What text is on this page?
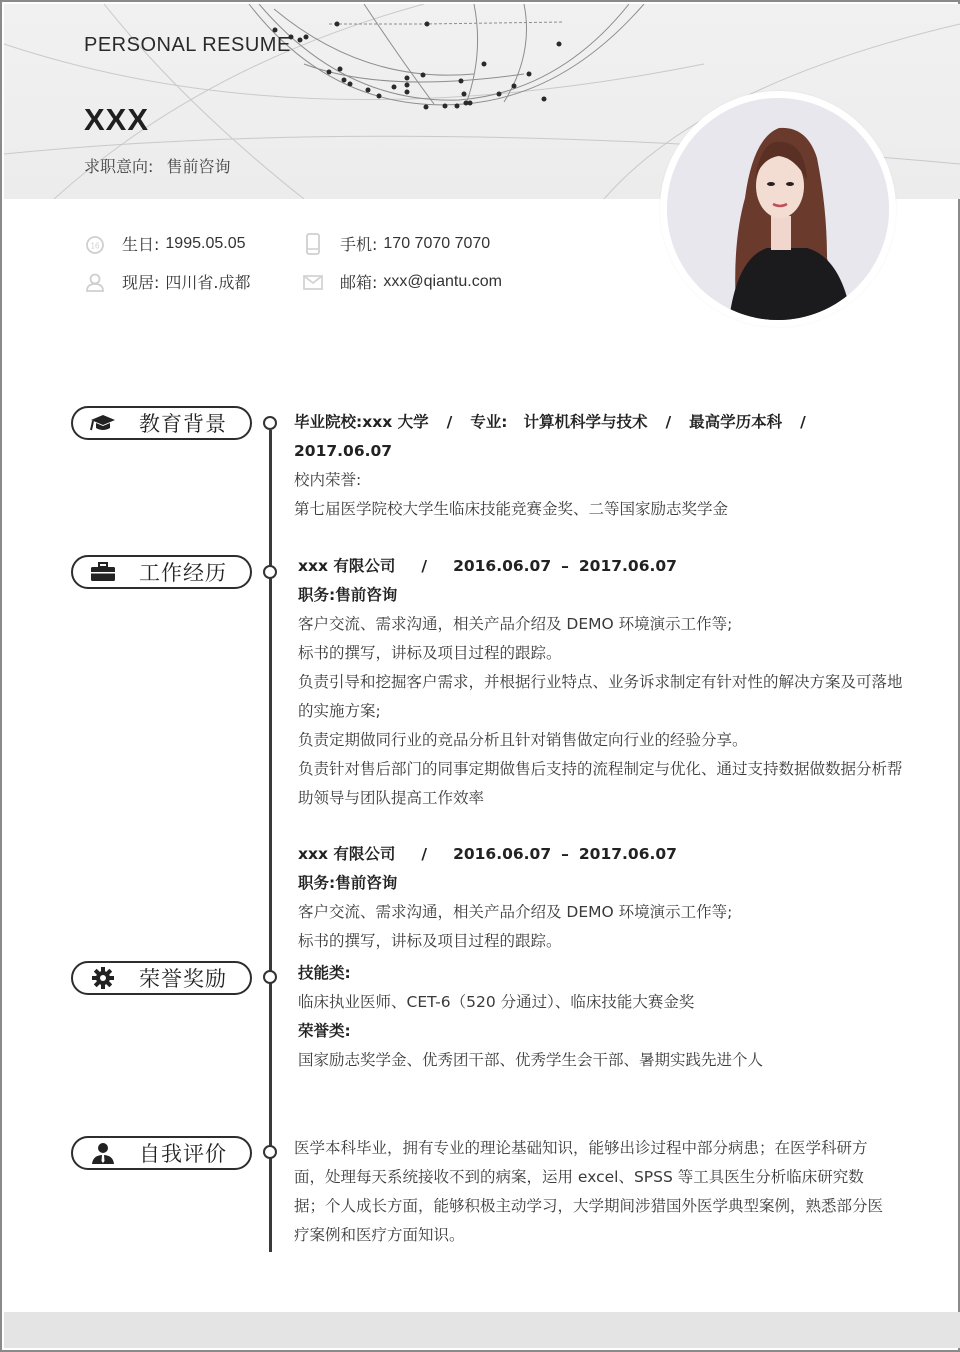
PERSONAL RESUME
XXX
求职意向: 售前咨询
16 生日: 1995.05.05	手机: 170 7070 7070
现居: 四川省.成都	邮箱: xxx@qiantu.com
教育背景	毕业院校:xxx 大学 / 专业: 计算机科学与技术 / 最高学历本科 /
2017.06.07
校内荣誉:
第七届医学院校大学生临床技能竞赛金奖、二等国家励志奖学金
工作经历	xxx 有限公司 / 2016.06.07 – 2017.06.07
职务:售前咨询
客户交流、需求沟通，相关产品介绍及 DEMO 环境演示工作等;
标书的撰写，讲标及项目过程的跟踪。
负责引导和挖掘客户需求，并根据行业特点、业务诉求制定有针对性的解决方案及可落地的实施方案;
负责定期做同行业的竞品分析且针对销售做定向行业的经验分享。
负责针对售后部门的同事定期做售后支持的流程制定与优化、通过支持数据做数据分析帮助领导与团队提高工作效率
xxx 有限公司 / 2016.06.07 – 2017.06.07
职务:售前咨询
客户交流、需求沟通，相关产品介绍及 DEMO 环境演示工作等;
标书的撰写，讲标及项目过程的跟踪。
荣誉奖励	技能类:
临床执业医师、CET-6（520 分通过）、临床技能大赛金奖
荣誉类:
国家励志奖学金、优秀团干部、优秀学生会干部、暑期实践先进个人
自我评价	医学本科毕业，拥有专业的理论基础知识，能够出诊过程中部分病患；在医学科研方面，处理每天系统接收不到的病案，运用 excel、SPSS 等工具医生分析临床研究数据；个人成长方面，能够积极主动学习，大学期间涉猎国外医学典型案例，熟悉部分医疗案例和医疗方面知识。
